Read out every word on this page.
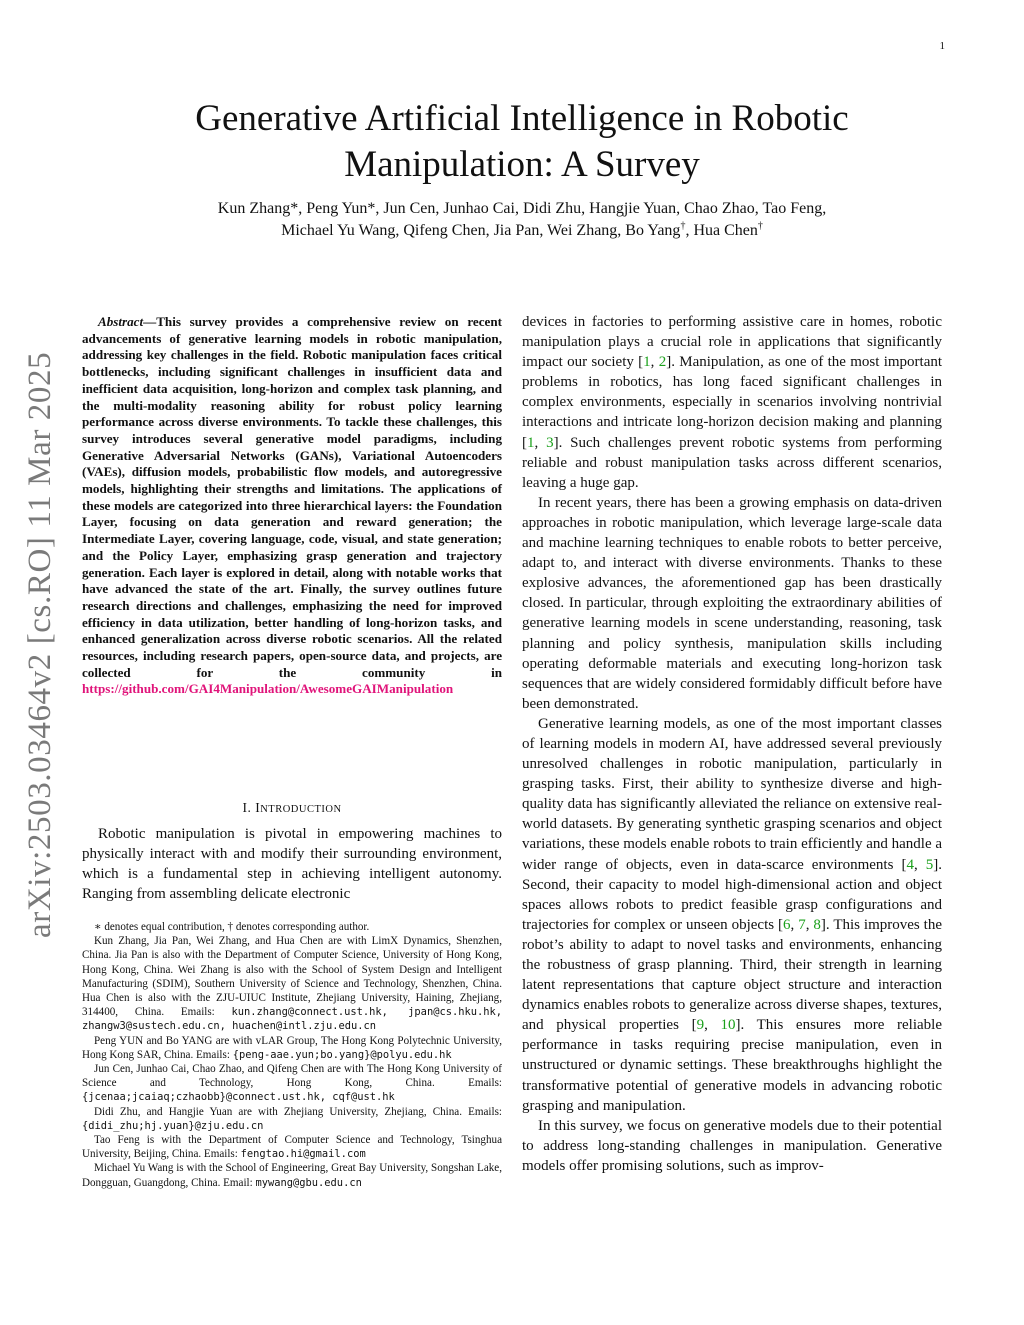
1
arXiv:2503.03464v2 [cs.RO] 11 Mar 2025
Generative Artificial Intelligence in Robotic Manipulation: A Survey
Kun Zhang*, Peng Yun*, Jun Cen, Junhao Cai, Didi Zhu, Hangjie Yuan, Chao Zhao, Tao Feng,
Michael Yu Wang, Qifeng Chen, Jia Pan, Wei Zhang, Bo Yang†, Hua Chen†

Abstract—This survey provides a comprehensive review on recent advancements of generative learning models in robotic manipulation, addressing key challenges in the field. Robotic manipulation faces critical bottlenecks, including significant challenges in insufficient data and inefficient data acquisition, long-horizon and complex task planning, and the multi-modality reasoning ability for robust policy learning performance across diverse environments. To tackle these challenges, this survey introduces several generative model paradigms, including Generative Adversarial Networks (GANs), Variational Autoencoders (VAEs), diffusion models, probabilistic flow models, and autoregressive models, highlighting their strengths and limitations. The applications of these models are categorized into three hierarchical layers: the Foundation Layer, focusing on data generation and reward generation; the Intermediate Layer, covering language, code, visual, and state generation; and the Policy Layer, emphasizing grasp generation and trajectory generation. Each layer is explored in detail, along with notable works that have advanced the state of the art. Finally, the survey outlines future research directions and challenges, emphasizing the need for improved efficiency in data utilization, better handling of long-horizon tasks, and enhanced generalization across diverse robotic scenarios. All the related resources, including research papers, open-source data, and projects, are collected for the community in https://github.com/GAI4Manipulation/AwesomeGAIManipulation

I. INTRODUCTION

Robotic manipulation is pivotal in empowering machines to physically interact with and modify their surrounding environment, which is a fundamental step in achieving intelligent autonomy. Ranging from assembling delicate electronic

∗ denotes equal contribution, † denotes corresponding author.

Kun Zhang, Jia Pan, Wei Zhang, and Hua Chen are with LimX Dynamics, Shenzhen, China. Jia Pan is also with the Department of Computer Science, University of Hong Kong, Hong Kong, China. Wei Zhang is also with the School of System Design and Intelligent Manufacturing (SDIM), Southern University of Science and Technology, Shenzhen, China. Hua Chen is also with the ZJU-UIUC Institute, Zhejiang University, Haining, Zhejiang, 314400, China. Emails: kun.zhang@connect.ust.hk, jpan@cs.hku.hk, zhangw3@sustech.edu.cn, huachen@intl.zju.edu.cn

Peng YUN and Bo YANG are with vLAR Group, The Hong Kong Polytechnic University, Hong Kong SAR, China. Emails: {peng-aae.yun;bo.yang}@polyu.edu.hk

Jun Cen, Junhao Cai, Chao Zhao, and Qifeng Chen are with The Hong Kong University of Science and Technology, Hong Kong, China. Emails: {jcenaa;jcaiaq;czhaobb}@connect.ust.hk, cqf@ust.hk

Didi Zhu, and Hangjie Yuan are with Zhejiang University, Zhejiang, China. Emails: {didi_zhu;hj.yuan}@zju.edu.cn

Tao Feng is with the Department of Computer Science and Technology, Tsinghua University, Beijing, China. Emails: fengtao.hi@gmail.com

Michael Yu Wang is with the School of Engineering, Great Bay University, Songshan Lake, Dongguan, Guangdong, China. Email: mywang@gbu.edu.cn

devices in factories to performing assistive care in homes, robotic manipulation plays a crucial role in applications that significantly impact our society [1, 2]. Manipulation, as one of the most important problems in robotics, has long faced significant challenges in complex environments, especially in scenarios involving nontrivial interactions and intricate long-horizon decision making and planning [1, 3]. Such challenges prevent robotic systems from performing reliable and robust manipulation tasks across different scenarios, leaving a huge gap.

In recent years, there has been a growing emphasis on data-driven approaches in robotic manipulation, which leverage large-scale data and machine learning techniques to enable robots to better perceive, adapt to, and interact with diverse environments. Thanks to these explosive advances, the aforementioned gap has been drastically closed. In particular, through exploiting the extraordinary abilities of generative learning models in scene understanding, reasoning, task planning and policy synthesis, manipulation skills including operating deformable materials and executing long-horizon task sequences that are widely considered formidably difficult before have been demonstrated.

Generative learning models, as one of the most important classes of learning models in modern AI, have addressed several previously unresolved challenges in robotic manipulation, particularly in grasping tasks. First, their ability to synthesize diverse and high-quality data has significantly alleviated the reliance on extensive real-world datasets. By generating synthetic grasping scenarios and object variations, these models enable robots to train efficiently and handle a wider range of objects, even in data-scarce environments [4, 5]. Second, their capacity to model high-dimensional action and object spaces allows robots to predict feasible grasp configurations and trajectories for complex or unseen objects [6, 7, 8]. This improves the robot’s ability to adapt to novel tasks and environments, enhancing the robustness of grasp planning. Third, their strength in learning latent representations that capture object structure and interaction dynamics enables robots to generalize across diverse shapes, textures, and physical properties [9, 10]. This ensures more reliable performance in tasks requiring precise manipulation, even in unstructured or dynamic settings. These breakthroughs highlight the transformative potential of generative models in advancing robotic grasping and manipulation.

In this survey, we focus on generative models due to their potential to address long-standing challenges in manipulation. Generative models offer promising solutions, such as improv-
